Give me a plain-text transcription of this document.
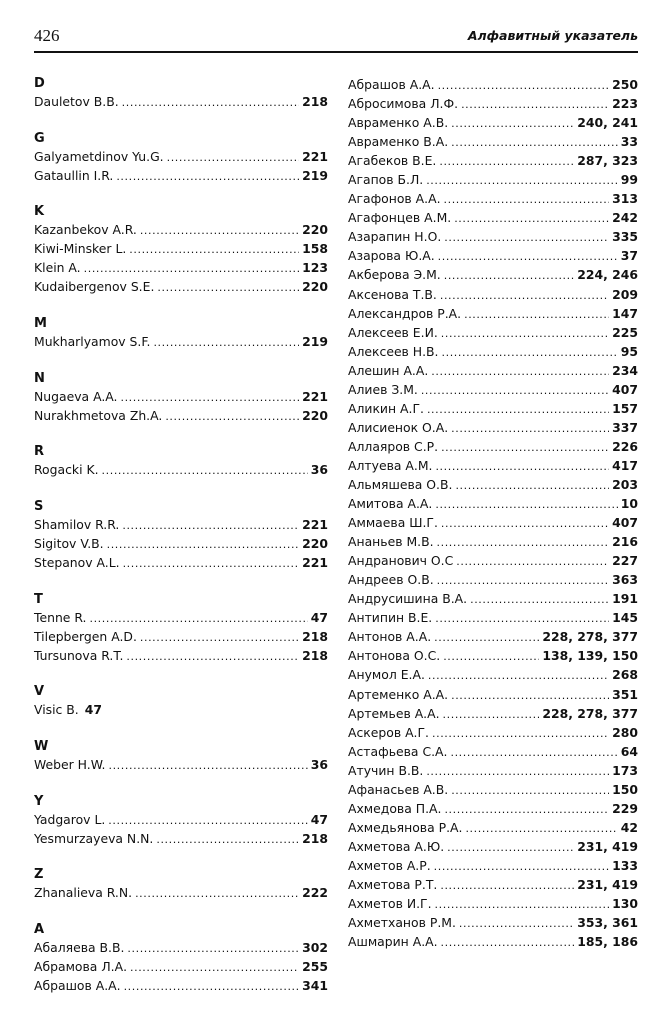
426	Алфавитный указатель
D
Dauletov B.B. .....	218
G
Galyametdinov Yu.G. .....	221
Gataullin I.R. .....	219
K
Kazanbekov A.R. .....	220
Kiwi-Minsker L. .....	158
Klein A. .....	123
Kudaibergenov S.E. .....	220
M
Mukharlyamov S.F. .....	219
N
Nugaeva A.A. .....	221
Nurakhmetova Zh.A. .....	220
R
Rogacki K. .....	36
S
Shamilov R.R. .....	221
Sigitov V.B. .....	220
Stepanov A.L. .....	221
T
Tenne R. .....	47
Tilepbergen A.D. .....	218
Tursunova R.T. .....	218
V
Visic B. 47
W
Weber H.W. .....	36
Y
Yadgarov L. .....	47
Yesmurzayeva N.N. .....	218
Z
Zhanalieva R.N. .....	222
A
Абаляева В.В. .....	302
Абрамова Л.А. .....	255
Абрашов А.А. .....	341
Абрашов А.А. .....	250
Абросимова Л.Ф. .....	223
Авраменко А.В. .....	240, 241
Авраменко В.А. .....	33
Агабеков В.Е. .....	287, 323
Агапов Б.Л. .....	99
Агафонов А.А. .....	313
Агафонцев А.М. .....	242
Азарапин Н.О. .....	335
Азарова Ю.А. .....	37
Акберова Э.М. .....	224, 246
Аксенова Т.В. .....	209
Александров Р.А. .....	147
Алексеев Е.И. .....	225
Алексеев Н.В. .....	95
Алешин А.А. .....	234
Алиев З.М. .....	407
Аликин А.Г. .....	157
Алисиенок О.А. .....	337
Аллаяров С.Р. .....	226
Алтуева А.М. .....	417
Альмяшева О.В. .....	203
Амитова А.А. .....	10
Аммаева Ш.Г. .....	407
Ананьев М.В. .....	216
Андранович О.С .....	227
Андреев О.В. .....	363
Андрусишина В.А. .....	191
Антипин В.Е. .....	145
Антонов А.А. .....	228, 278, 377
Антонова О.С. .....	138, 139, 150
Анумол Е.А. .....	268
Артеменко А.А. .....	351
Артемьев А.А. .....	228, 278, 377
Аскеров А.Г. .....	280
Астафьева С.А. .....	64
Атучин В.В. .....	173
Афанасьев А.В. .....	150
Ахмедова П.А. .....	229
Ахмедьянова Р.А. .....	42
Ахметова А.Ю. .....	231, 419
Ахметов А.Р. .....	133
Ахметова Р.Т. .....	231, 419
Ахметов И.Г. .....	130
Ахметханов Р.М. .....	353, 361
Ашмарин А.А. .....	185, 186
